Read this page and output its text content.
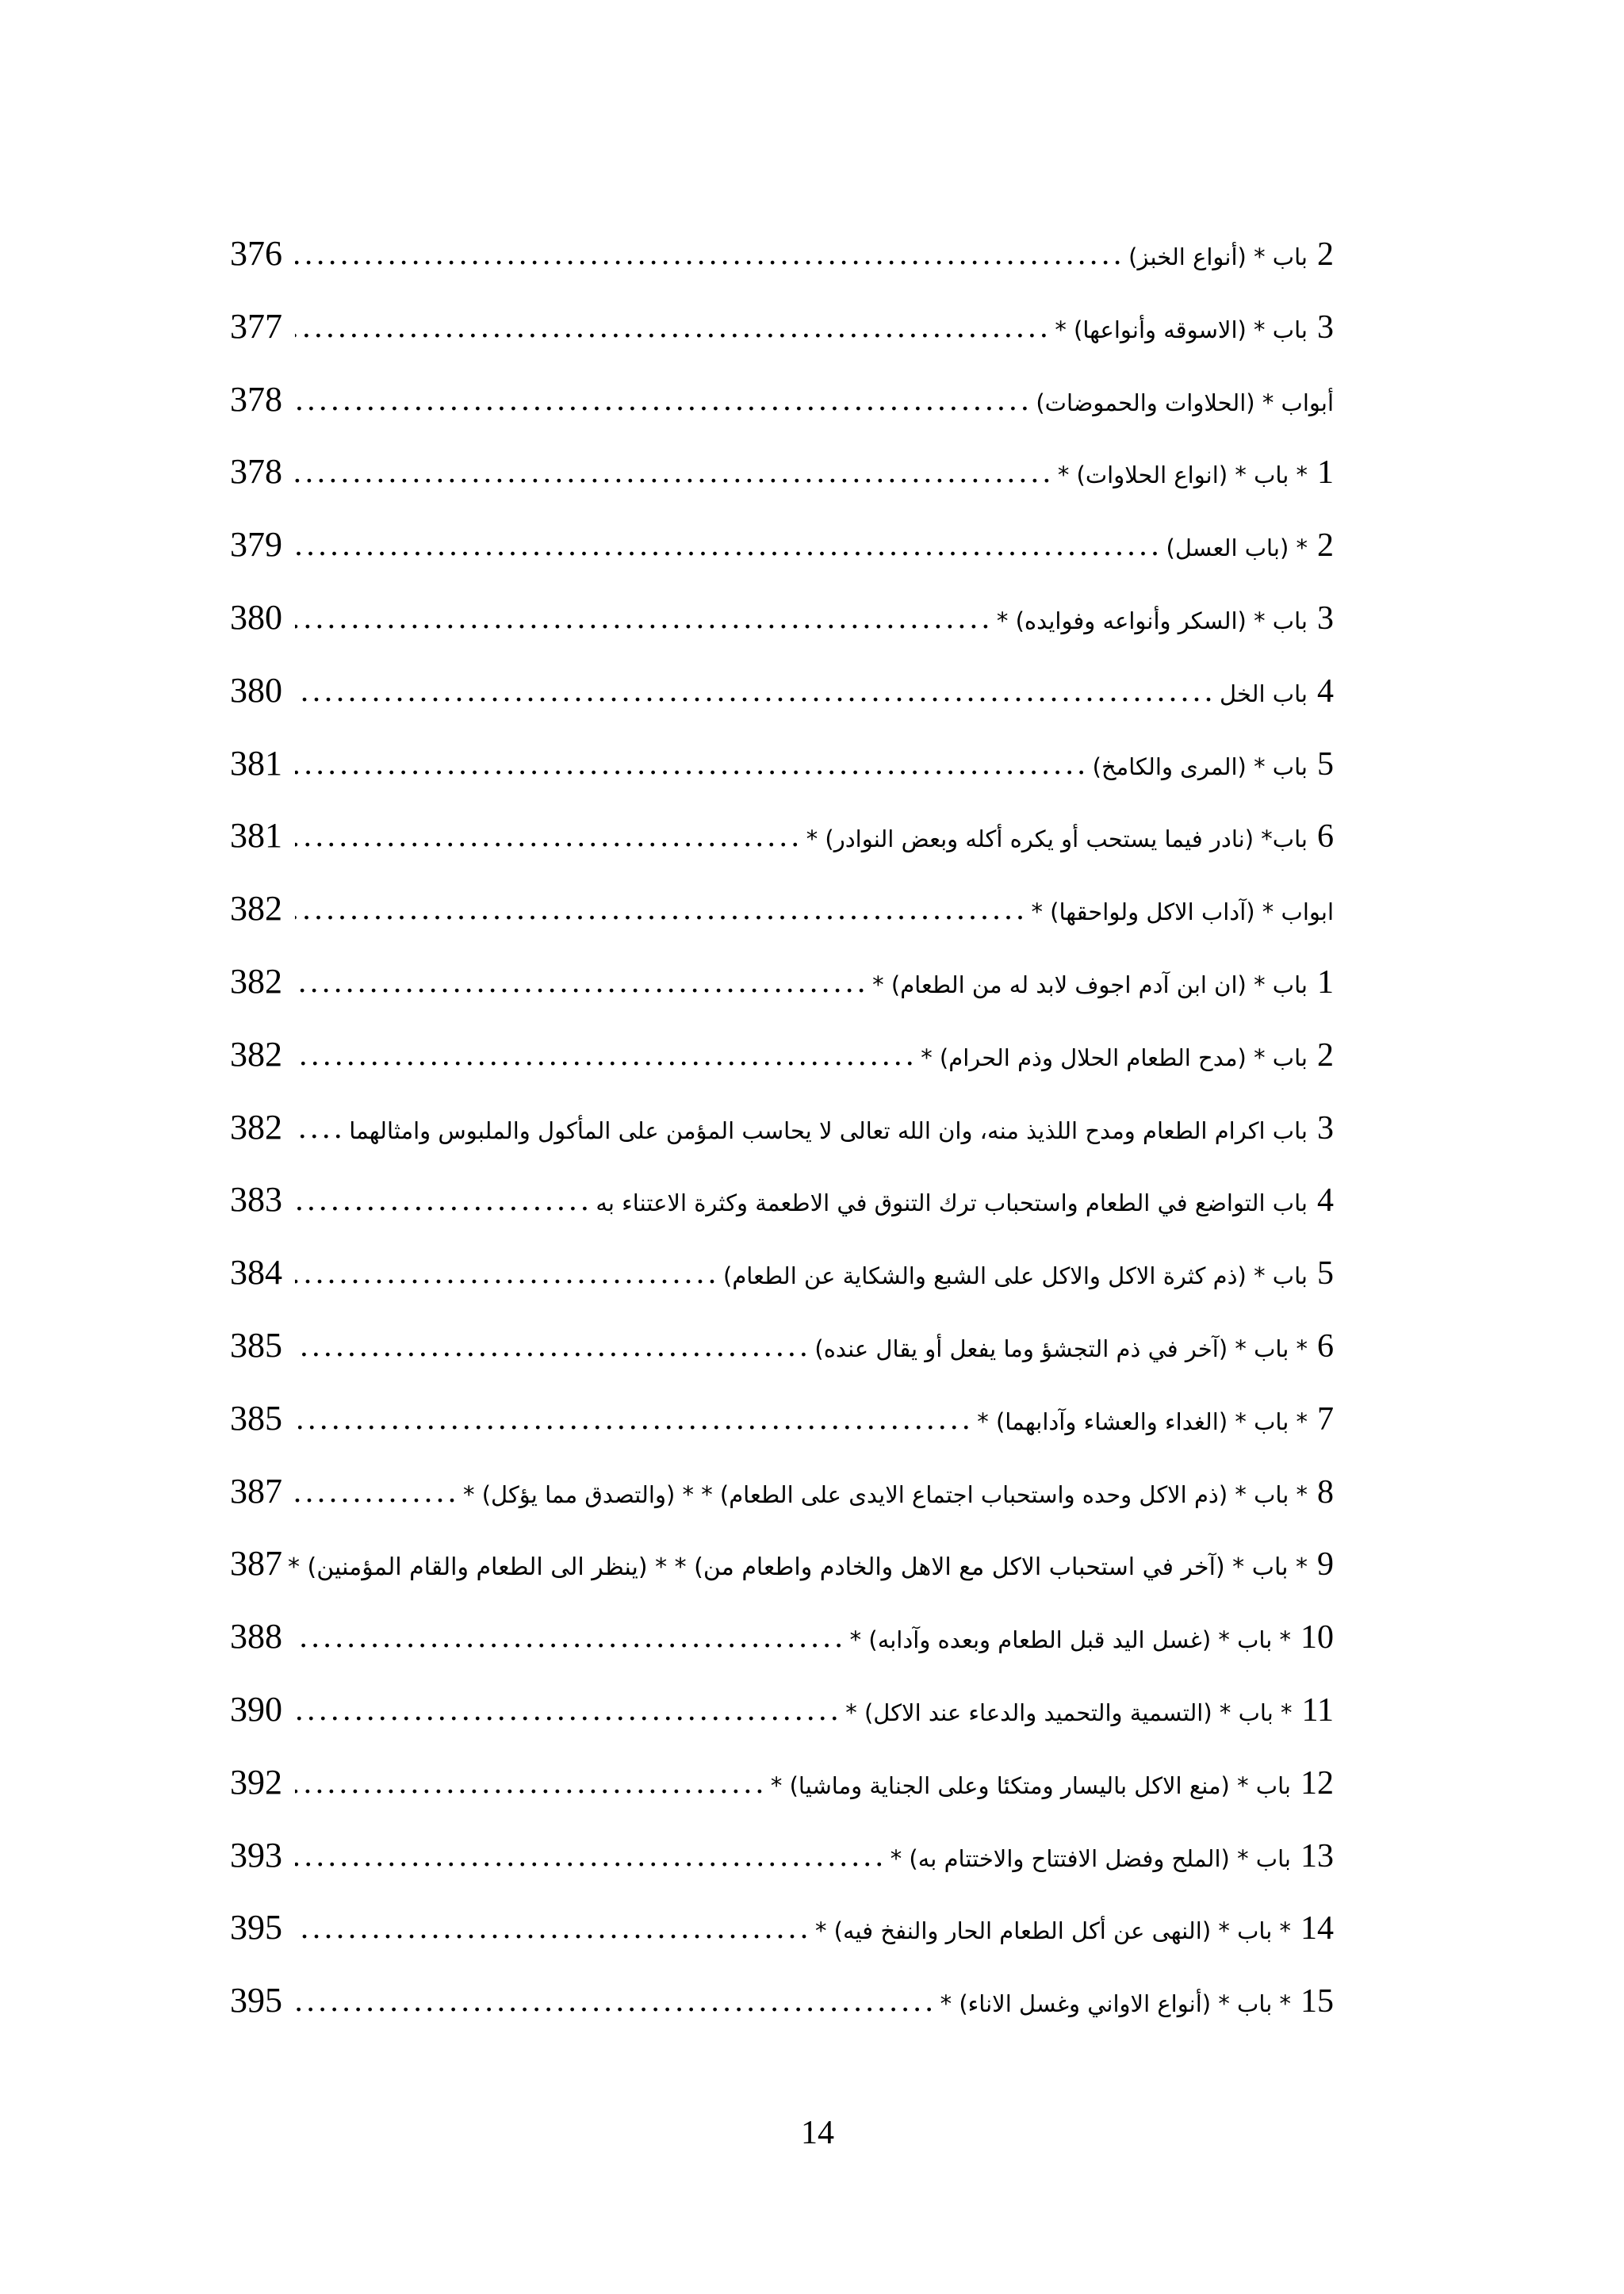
2
باب * (أنواع الخبز)
.....
376
3
باب * (الاسوقه وأنواعها) *
.....
377
أبواب * (الحلاوات والحموضات)
.....
378
1
* باب * (انواع الحلاوات) *
.....
378
2
* (باب العسل)
.....
379
3
باب * (السكر وأنواعه وفوايده) *
.....
380
4
باب الخل
.....
380
5
باب * (المرى والكامخ)
.....
381
6
باب* (نادر فيما يستحب أو يكره أكله وبعض النوادر) *
.....
381
ابواب * (آداب الاكل ولواحقها) *
.....
382
1
باب * (ان ابن آدم اجوف لابد له من الطعام) *
.....
382
2
باب * (مدح الطعام الحلال وذم الحرام) *
.....
382
3
باب اكرام الطعام ومدح اللذيذ منه، وان الله تعالى لا يحاسب المؤمن على المأكول والملبوس وامثالهما
.....
382
4
باب التواضع في الطعام واستحباب ترك التنوق في الاطعمة وكثرة الاعتناء به
.....
383
5
باب * (ذم كثرة الاكل والاكل على الشبع والشكاية عن الطعام)
.....
384
6
* باب * (آخر في ذم التجشؤ وما يفعل أو يقال عنده)
.....
385
7
* باب * (الغداء والعشاء وآدابهما) *
.....
385
8
* باب * (ذم الاكل وحده واستحباب اجتماع الايدى على الطعام) * * (والتصدق مما يؤكل) *
.....
387
9
* باب * (آخر في استحباب الاكل مع الاهل والخادم واطعام من) * * (ينظر الى الطعام والقام المؤمنين) *
387
10
* باب * (غسل اليد قبل الطعام وبعده وآدابه) *
.....
388
11
* باب * (التسمية والتحميد والدعاء عند الاكل) *
.....
390
12
باب * (منع الاكل باليسار ومتكئا وعلى الجناية وماشيا) *
.....
392
13
باب * (الملح وفضل الافتتاح والاختتام به) *
.....
393
14
* باب * (النهى عن أكل الطعام الحار والنفخ فيه) *
.....
395
15
* باب * (أنواع الاواني وغسل الاناء) *
.....
395
14
